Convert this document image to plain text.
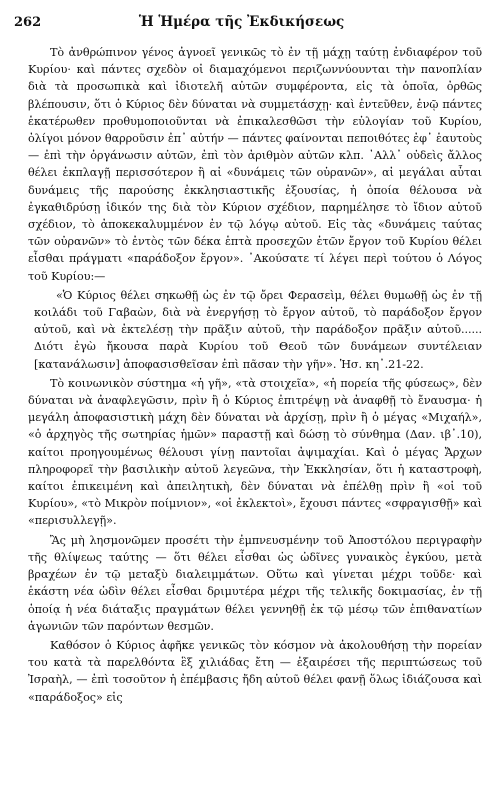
262	Ἡ Ἡμέρα τῆς Ἐκδικήσεως

Τὸ ἀνθρώπινον γένος ἀγνοεῖ γενικῶς τὸ ἐν τῇ μάχῃ ταύτῃ ἐνδιαφέρον τοῦ Κυρίου· καὶ πάντες σχεδὸν οἱ διαμαχόμενοι περιζωννύουνται τὴν πανοπλίαν διὰ τὰ προσωπικὰ καὶ ἰδιοτελῆ αὐτῶν συμφέροντα, εἰς τὰ ὁποῖα, ὀρθῶς βλέπουσιν, ὅτι ὁ Κύριος δὲν δύναται νὰ συμμετάσχῃ· καὶ ἐντεῦθεν, ἐνῷ πάντες ἑκατέρωθεν προθυμοποιοῦνται νὰ ἐπικαλεσθῶσι τὴν εὐλογίαν τοῦ Κυρίου, ὀλίγοι μόνον θαρροῦσιν ἐπ᾿ αὐτήν — πάντες φαίνονται πεποιθότες ἐφ᾿ ἑαυτοὺς — ἐπὶ τὴν ὀργάνωσιν αὐτῶν, ἐπὶ τὸν ἀριθμὸν αὐτῶν κλπ. ᾿Αλλ᾿ οὐδεὶς ἄλλος θέλει ἐκπλαγῇ περισσότερον ἢ αἱ «δυνάμεις τῶν οὐρανῶν», αἱ μεγάλαι αὗται δυνάμεις τῆς παρούσης ἐκκλησιαστικῆς ἐξουσίας, ἡ ὁποία θέλουσα νὰ ἐγκαθιδρύσῃ ἰδικόν της διὰ τὸν Κύριον σχέδιον, παρημέλησε τὸ ἴδιον αὐτοῦ σχέδιον, τὸ ἀποκεκαλυμμένον ἐν τῷ λόγῳ αὐτοῦ. Εἰς τὰς «δυνάμεις ταύτας τῶν οὐρανῶν» τὸ ἐντὸς τῶν δέκα ἑπτὰ προσεχῶν ἐτῶν ἔργον τοῦ Κυρίου θέλει εἶσθαι πράγματι «παράδοξον ἔργον». ᾿Ακούσατε τί λέγει περὶ τούτου ὁ Λόγος τοῦ Κυρίου:—

«Ὁ Κύριος θέλει σηκωθῇ ὡς ἐν τῷ ὄρει Φερασεὶμ, θέλει θυμωθῇ ὡς ἐν τῇ κοιλάδι τοῦ Γαβαὼν, διὰ νὰ ἐνεργήσῃ τὸ ἔργον αὐτοῦ, τὸ παράδοξον ἔργον αὐτοῦ, καὶ νὰ ἐκτελέσῃ τὴν πρᾶξιν αὐτοῦ, τὴν παράδοξον πρᾶξιν αὐτοῦ...... Διότι ἐγὼ ἤκουσα παρὰ Κυρίου τοῦ Θεοῦ τῶν δυνάμεων συντέλειαν [κατανάλωσιν] ἀποφασισθεῖσαν ἐπὶ πᾶσαν τὴν γῆν». Ἡσ. κη᾿.21-22.

Τὸ κοινωνικὸν σύστημα «ἡ γῆ», «τὰ στοιχεῖα», «ἡ πορεία τῆς φύσεως», δὲν δύναται νὰ ἀναφλεγῶσιν, πρὶν ἢ ὁ Κύριος ἐπιτρέψῃ νὰ ἀναφθῇ τὸ ἔναυσμα· ἡ μεγάλη ἀποφασιστικὴ μάχη δὲν δύναται νὰ ἀρχίσῃ, πρὶν ἢ ὁ μέγας «Μιχαήλ», «ὁ ἀρχηγὸς τῆς σωτηρίας ἡμῶν» παραστῇ καὶ δώσῃ τὸ σύνθημα (Δαν. ιβ᾿.10), καίτοι προηγουμένως θέλουσι γίνῃ παντοῖαι ἀψιμαχίαι. Καὶ ὁ μέγας Ἄρχων πληροφορεῖ τὴν βασιλικὴν αὐτοῦ λεγεῶνα, τὴν Ἐκκλησίαν, ὅτι ἡ καταστροφὴ, καίτοι ἐπικειμένη καὶ ἀπειλητικὴ, δὲν δύναται νὰ ἐπέλθῃ πρὶν ἢ «οἱ τοῦ Κυρίου», «τὸ Μικρὸν ποίμνιον», «οἱ ἐκλεκτοὶ», ἔχουσι πάντες «σφραγισθῇ» καὶ «περισυλλεγῇ».

Ἂς μὴ λησμονῶμεν προσέτι τὴν ἐμπνευσμένην τοῦ Ἀποστόλου περιγραφὴν τῆς θλίψεως ταύτης — ὅτι θέλει εἶσθαι ὡς ὠδῖνες γυναικὸς ἐγκύου, μετὰ βραχέων ἐν τῷ μεταξὺ διαλειμμάτων. Οὕτω καὶ γίνεται μέχρι τοῦδε· καὶ ἑκάστη νέα ὠδὶν θέλει εἶσθαι δριμυτέρα μέχρι τῆς τελικῆς δοκιμασίας, ἐν τῇ ὁποίᾳ ἡ νέα διάταξις πραγμάτων θέλει γεννηθῇ ἐκ τῷ μέσῳ τῶν ἐπιθανατίων ἀγωνιῶν τῶν παρόντων θεσμῶν.

Καθόσον ὁ Κύριος ἀφῆκε γενικῶς τὸν κόσμον νὰ ἀκολουθήσῃ τὴν πορείαν του κατὰ τὰ παρελθόντα ἓξ χιλιάδας ἔτη — ἐξαιρέσει τῆς περιπτώσεως τοῦ Ἰσραὴλ, — ἐπὶ τοσοῦτον ἡ ἐπέμβασις ἤδη αὐτοῦ θέλει φανῇ ὅλως ἰδιάζουσα καὶ «παράδοξος» εἰς
